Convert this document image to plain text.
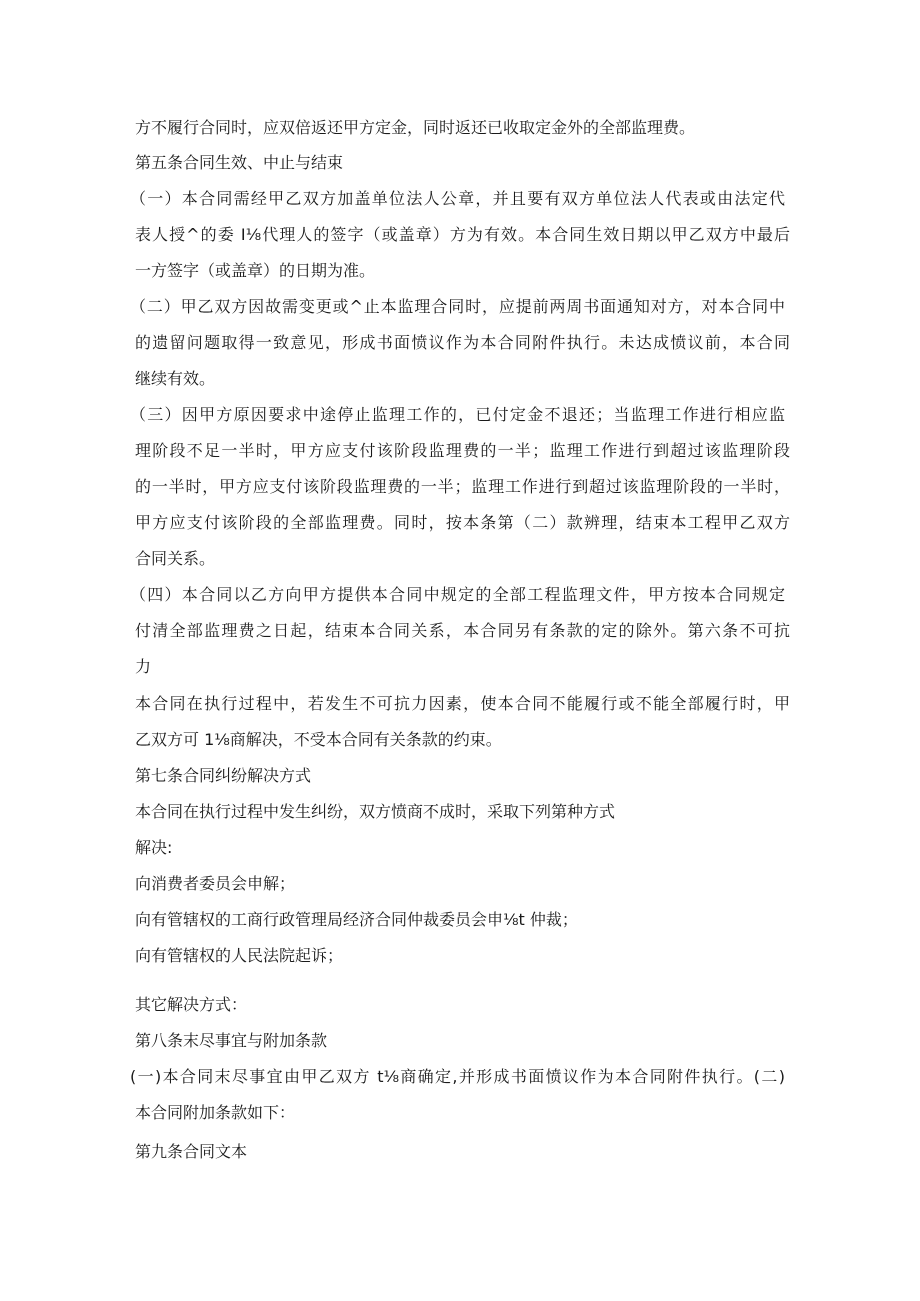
方不履行合同时，应双倍返还甲方定金，同时返还已收取定金外的全部监理费。
第五条合同生效、中止与结束
（一）本合同需经甲乙双方加盖单位法人公章，并且要有双方单位法人代表或由法定代
表人授^的委 I⅛代理人的签字（或盖章）方为有效。本合同生效日期以甲乙双方中最后
一方签字（或盖章）的日期为准。
（二）甲乙双方因故需变更或^止本监理合同时，应提前两周书面通知对方，对本合同中
的遗留问题取得一致意见，形成书面愤议作为本合同附件执行。未达成愤议前，本合同
继续有效。
（三）因甲方原因要求中途停止监理工作的，已付定金不退还；当监理工作进行相应监
理阶段不足一半时，甲方应支付该阶段监理费的一半；监理工作进行到超过该监理阶段
的一半时，甲方应支付该阶段监理费的一半；监理工作进行到超过该监理阶段的一半时，
甲方应支付该阶段的全部监理费。同时，按本条第（二）款辨理，结束本工程甲乙双方
合同关系。
（四）本合同以乙方向甲方提供本合同中规定的全部工程监理文件，甲方按本合同规定
付清全部监理费之日起，结束本合同关系，本合同另有条款的定的除外。第六条不可抗
力
本合同在执行过程中，若发生不可抗力因素，使本合同不能履行或不能全部履行时，甲
乙双方可 1⅛商解决，不受本合同有关条款的约束。
第七条合同纠纷解决方式
本合同在执行过程中发生纠纷，双方愤商不成时，采取下列第种方式
解决:
向消费者委员会申解；
向有管辖权的工商行政管理局经济合同仲裁委员会申⅛t 仲裁；
向有管辖权的人民法院起诉；
其它解决方式：
第八条末尽事宜与附加条款
(一)本合同末尽事宜由甲乙双方 t⅛商确定,并形成书面愤议作为本合同附件执行。(二)
本合同附加条款如下：
第九条合同文本
